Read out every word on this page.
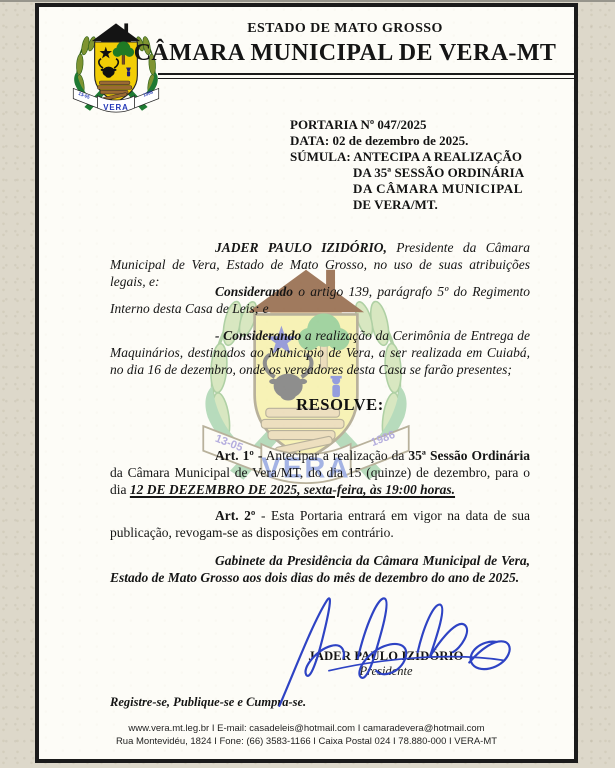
ESTADO DE MATO GROSSO
CÂMARA MUNICIPAL DE VERA-MT
PORTARIA Nº 047/2025
DATA: 02 de dezembro de 2025.
SÚMULA: ANTECIPA A REALIZAÇÃO
DA 35ª SESSÃO ORDINÁRIA
DA CÂMARA MUNICIPAL
DE VERA/MT.

JADER PAULO IZIDÓRIO, Presidente da Câmara Municipal de Vera, Estado de Mato Grosso, no uso de suas atribuições legais, e:

Considerando o artigo 139, parágrafo 5º do Regimento Interno desta Casa de Leis; e

- Considerando a realização da Cerimônia de Entrega de Maquinários, destinados ao Município de Vera, a ser realizada em Cuiabá, no dia 16 de dezembro, onde os vereadores desta Casa se farão presentes;

RESOLVE:

Art. 1º - Antecipar a realização da 35ª Sessão Ordinária da Câmara Municipal de Vera/MT, do dia 15 (quinze) de dezembro, para o dia 12 DE DEZEMBRO DE 2025, sexta-feira, às 19:00 horas.

Art. 2º - Esta Portaria entrará em vigor na data de sua publicação, revogam-se as disposições em contrário.

Gabinete da Presidência da Câmara Municipal de Vera, Estado de Mato Grosso aos dois dias do mês de dezembro do ano de 2025.

JADER PAULO IZIDÓRIO
Presidente
Registre-se, Publique-se e Cumpra-se.
www.vera.mt.leg.br I E-mail: casadeleis@hotmail.com I camaradevera@hotmail.com
Rua Montevidéu, 1824 I Fone: (66) 3583-1166 I Caixa Postal 024 I 78.880-000 I VERA-MT
